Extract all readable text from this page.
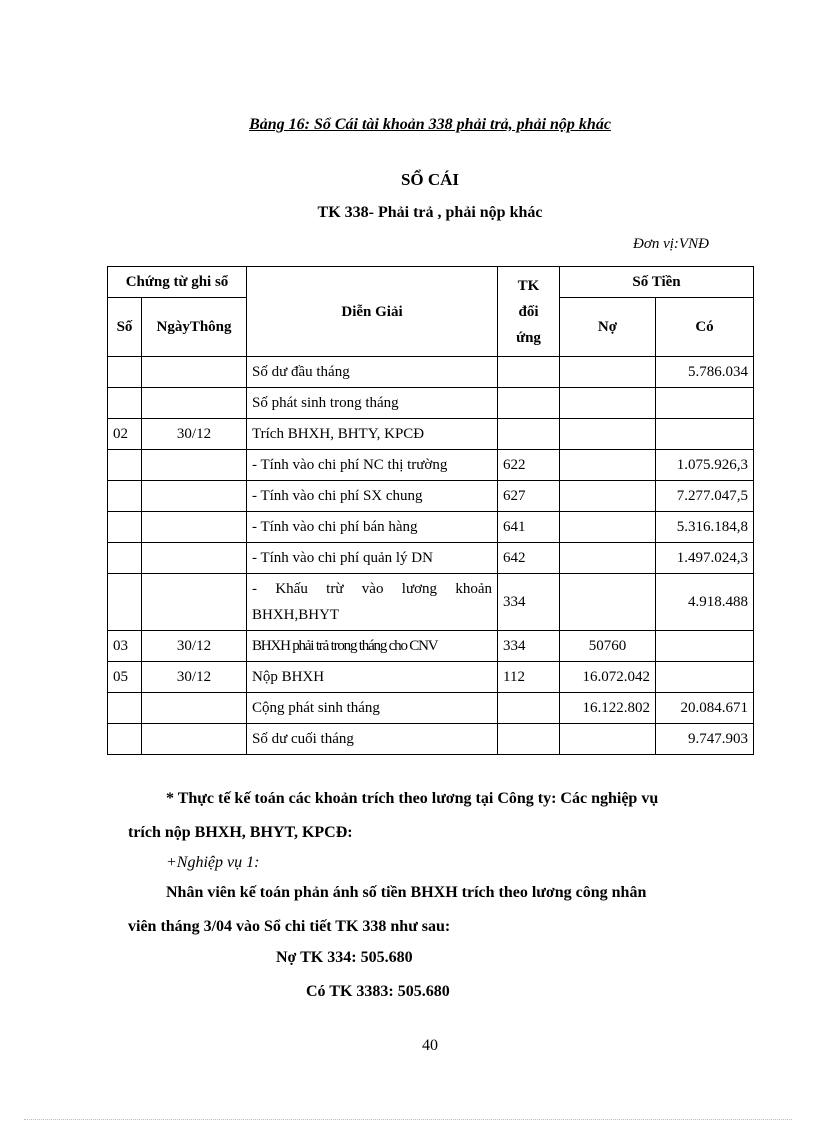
Bảng 16: Sổ Cái tài khoản 338 phải trả, phải nộp khác
SỔ CÁI
TK 338- Phải trả , phải nộp khác
Đơn vị:VNĐ
Chứng từ ghi sổ		Diễn Giải	TK
đối
ứng	Số Tiền	
Số	NgàyThông			Nợ	Có
		Số dư đầu tháng			5.786.034
		Số phát sinh trong tháng			
02	30/12	Trích BHXH, BHTY, KPCĐ			
		- Tính vào chi phí NC thị trường	622		1.075.926,3
		- Tính vào chi phí SX chung	627		7.277.047,5
		- Tính vào chi phí bán hàng	641		5.316.184,8
		- Tính vào chi phí quản lý DN	642		1.497.024,3
		- Khấu trừ vào lương khoản BHXH,BHYT	334		4.918.488
03	30/12	BHXH phải trả trong tháng cho CNV	334	50760	
05	30/12	Nộp BHXH	112	16.072.042	
		Cộng phát sinh tháng		16.122.802	20.084.671
		Số dư cuối tháng			9.747.903
* Thực tế kế toán các khoản trích theo lương tại Công ty: Các nghiệp vụ
trích nộp BHXH, BHYT, KPCĐ:
+Nghiệp vụ 1:
Nhân viên kế toán phản ánh số tiền BHXH trích theo lương công nhân
viên tháng 3/04 vào Sổ chi tiết TK 338 như sau:
Nợ TK 334: 505.680
Có TK 3383: 505.680
40
